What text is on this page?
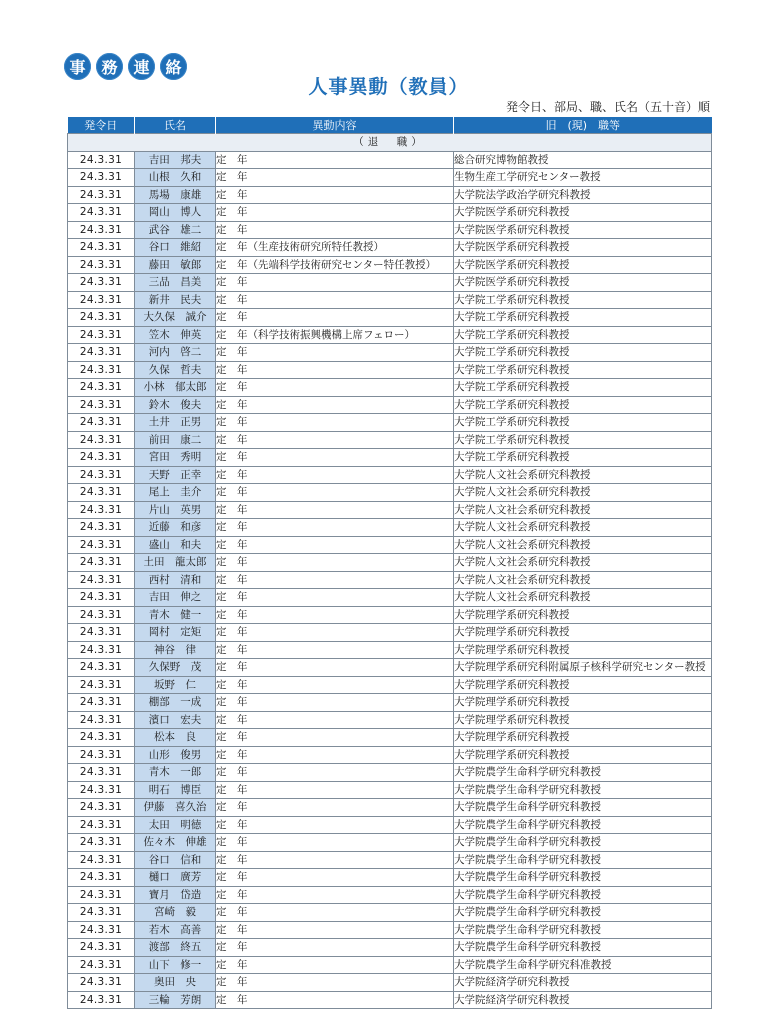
事 務 連 絡
人事異動（教員）
発令日、部局、職、氏名（五十音）順
発令日	氏名	異動内容	旧　(現)　職等
（退　職）			
24.3.31	吉田　邦夫	定　年	総合研究博物館教授
24.3.31	山根　久和	定　年	生物生産工学研究センター教授
24.3.31	馬場　康雄	定　年	大学院法学政治学研究科教授
24.3.31	岡山　博人	定　年	大学院医学系研究科教授
24.3.31	武谷　雄二	定　年	大学院医学系研究科教授
24.3.31	谷口　維紹	定　年（生産技術研究所特任教授）	大学院医学系研究科教授
24.3.31	藤田　敏郎	定　年（先端科学技術研究センター特任教授）	大学院医学系研究科教授
24.3.31	三品　昌美	定　年	大学院医学系研究科教授
24.3.31	新井　民夫	定　年	大学院工学系研究科教授
24.3.31	大久保　誠介	定　年	大学院工学系研究科教授
24.3.31	笠木　伸英	定　年（科学技術振興機構上席フェロー）	大学院工学系研究科教授
24.3.31	河内　啓二	定　年	大学院工学系研究科教授
24.3.31	久保　哲夫	定　年	大学院工学系研究科教授
24.3.31	小林　郁太郎	定　年	大学院工学系研究科教授
24.3.31	鈴木　俊夫	定　年	大学院工学系研究科教授
24.3.31	土井　正男	定　年	大学院工学系研究科教授
24.3.31	前田　康二	定　年	大学院工学系研究科教授
24.3.31	宮田　秀明	定　年	大学院工学系研究科教授
24.3.31	天野　正幸	定　年	大学院人文社会系研究科教授
24.3.31	尾上　圭介	定　年	大学院人文社会系研究科教授
24.3.31	片山　英男	定　年	大学院人文社会系研究科教授
24.3.31	近藤　和彦	定　年	大学院人文社会系研究科教授
24.3.31	盛山　和夫	定　年	大学院人文社会系研究科教授
24.3.31	土田　龍太郎	定　年	大学院人文社会系研究科教授
24.3.31	西村　清和	定　年	大学院人文社会系研究科教授
24.3.31	吉田　伸之	定　年	大学院人文社会系研究科教授
24.3.31	青木　健一	定　年	大学院理学系研究科教授
24.3.31	岡村　定矩	定　年	大学院理学系研究科教授
24.3.31	神谷　律	定　年	大学院理学系研究科教授
24.3.31	久保野　茂	定　年	大学院理学系研究科附属原子核科学研究センター教授
24.3.31	坂野　仁	定　年	大学院理学系研究科教授
24.3.31	棚部　一成	定　年	大学院理学系研究科教授
24.3.31	濱口　宏夫	定　年	大学院理学系研究科教授
24.3.31	松本　良	定　年	大学院理学系研究科教授
24.3.31	山形　俊男	定　年	大学院理学系研究科教授
24.3.31	青木　一郎	定　年	大学院農学生命科学研究科教授
24.3.31	明石　博臣	定　年	大学院農学生命科学研究科教授
24.3.31	伊藤　喜久治	定　年	大学院農学生命科学研究科教授
24.3.31	太田　明徳	定　年	大学院農学生命科学研究科教授
24.3.31	佐々木　伸雄	定　年	大学院農学生命科学研究科教授
24.3.31	谷口　信和	定　年	大学院農学生命科学研究科教授
24.3.31	樋口　廣芳	定　年	大学院農学生命科学研究科教授
24.3.31	寶月　岱造	定　年	大学院農学生命科学研究科教授
24.3.31	宮崎　毅	定　年	大学院農学生命科学研究科教授
24.3.31	若木　高善	定　年	大学院農学生命科学研究科教授
24.3.31	渡部　終五	定　年	大学院農学生命科学研究科教授
24.3.31	山下　修一	定　年	大学院農学生命科学研究科准教授
24.3.31	奥田　央	定　年	大学院経済学研究科教授
24.3.31	三輪　芳朗	定　年	大学院経済学研究科教授
